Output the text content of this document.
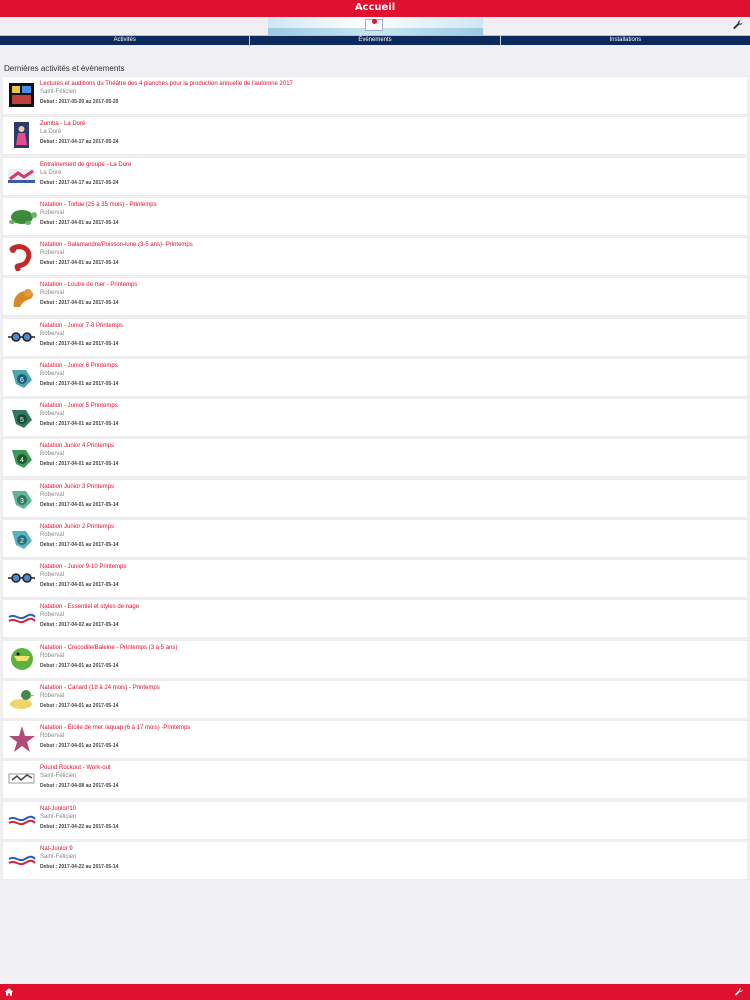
Accueil
Activités	Événements	Installations
Dernières activités et évènements
Lectures et auditions du Théâtre des 4 planches pour la production annuelle de l'automne 2017
Saint-Félicien
Debut : 2017-05-20 au 2017-05-20
Zumba - La Doré
La Doré
Debut : 2017-04-17 au 2017-05-24
Entraînement de groupe - La Doré
La Doré
Debut : 2017-04-17 au 2017-05-24
Natation - Tortue (25 à 35 mois) - Printemps
Roberval
Debut : 2017-04-01 au 2017-05-14
Natation - Salamandre/Poisson-lune (3-5 ans)- Printemps
Roberval
Debut : 2017-04-01 au 2017-05-14
Natation - Loutre de mer - Printemps
Roberval
Debut : 2017-04-01 au 2017-05-14
Natation - Junior 7-8 Printemps
Roberval
Debut : 2017-04-01 au 2017-05-14
6
Natation - Junior 6 Printemps
Roberval
Debut : 2017-04-01 au 2017-05-14
5
Natation - Junior 5 Printemps
Roberval
Debut : 2017-04-01 au 2017-05-14
4
Natation Junior 4 Printemps
Roberval
Debut : 2017-04-01 au 2017-05-14
3
Natation Junior 3 Printemps
Roberval
Debut : 2017-04-01 au 2017-05-14
2
Natation Junior 2 Printemps
Roberval
Debut : 2017-04-01 au 2017-05-14
Natation - Junior 9-10 Printemps
Roberval
Debut : 2017-04-01 au 2017-05-14
Natation - Essentiel et styles de nage
Roberval
Debut : 2017-04-02 au 2017-05-14
Natation - Crocodile/Baleine - Printemps (3 à 5 ans)
Roberval
Debut : 2017-04-01 au 2017-05-14
Natation - Canard (18 à 24 mois) - Printemps
Roberval
Debut : 2017-04-01 au 2017-05-14
Natation - Étoile de mer /aquap (6 à 17 mois) -Printemps
Roberval
Debut : 2017-04-01 au 2017-05-14
Pound Rockout - Work-out
Saint-Félicien
Debut : 2017-04-08 au 2017-05-14
Nat-Junior/10
Saint-Félicien
Debut : 2017-04-22 au 2017-05-14
Nat-Junior 9
Saint-Félicien
Debut : 2017-04-22 au 2017-05-14
